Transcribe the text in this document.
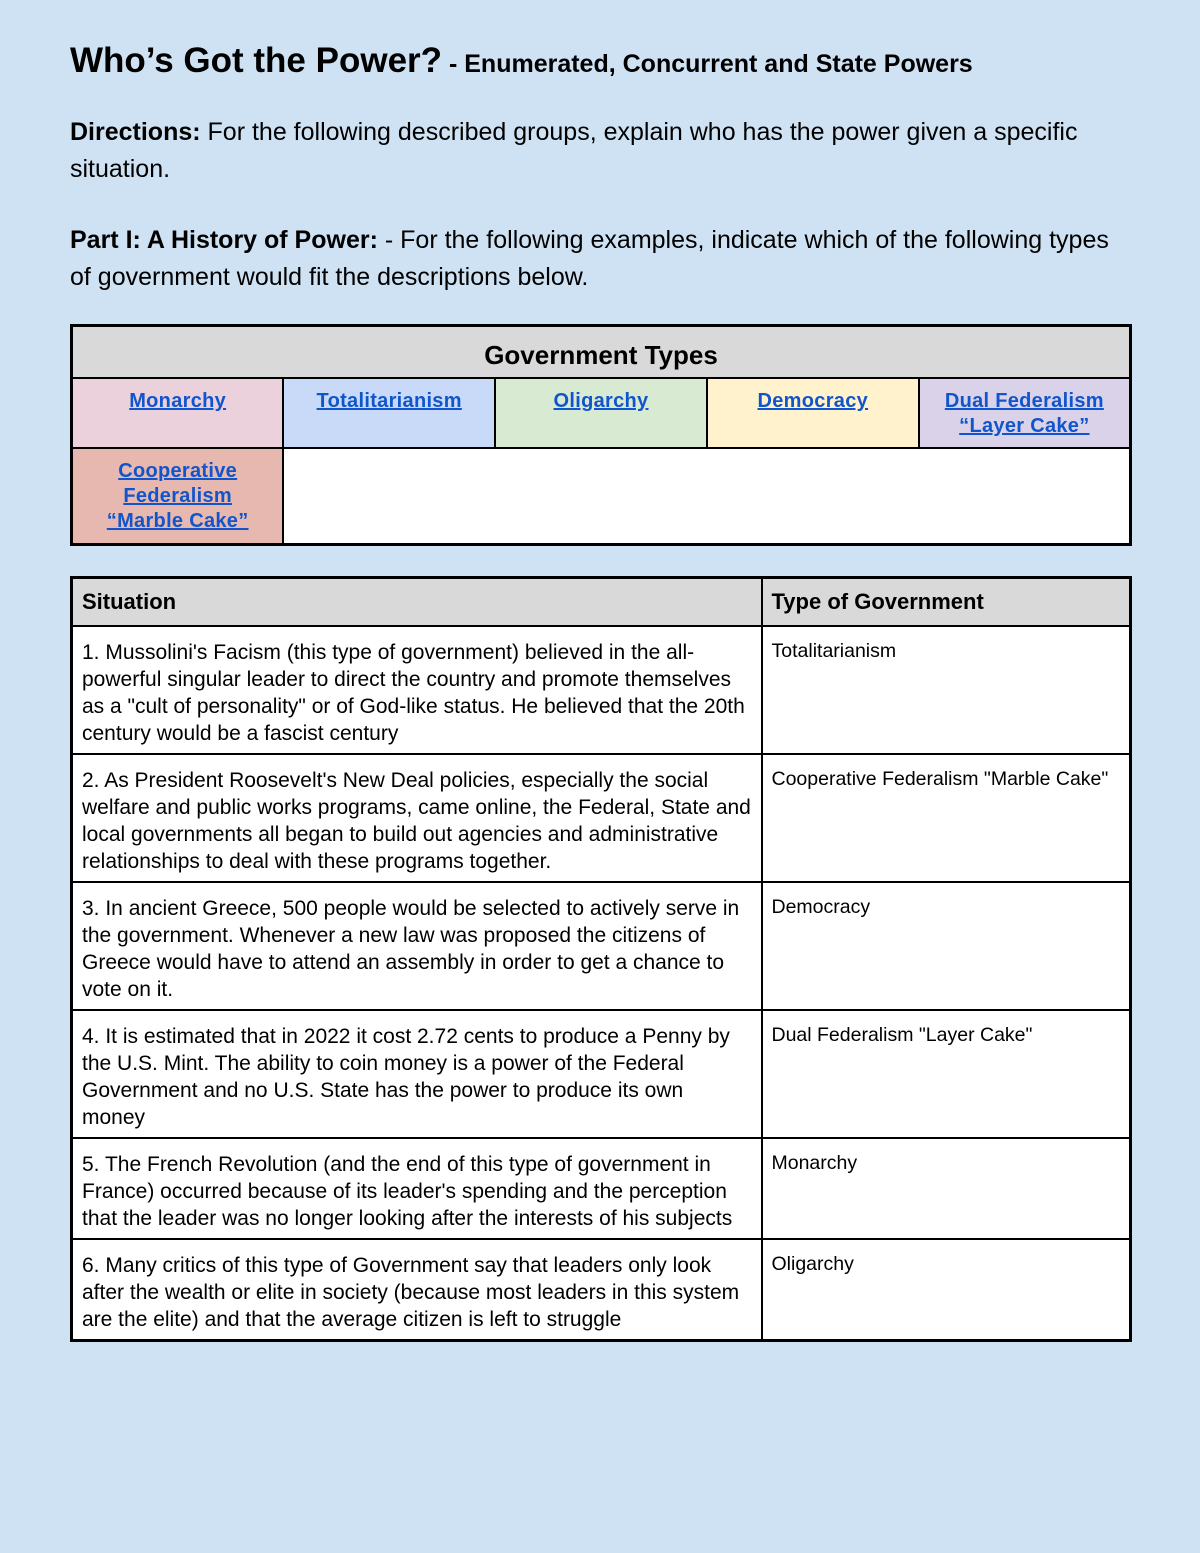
Who’s Got the Power? - Enumerated, Concurrent and State Powers

Directions: For the following described groups, explain who has the power given a specific situation.
Part I: A History of Power: - For the following examples, indicate which of the following types of government would fit the descriptions below.
Government Types				
Monarchy	Totalitarianism	Oligarchy	Democracy	Dual Federalism
“Layer Cake”
Cooperative
Federalism
“Marble Cake”				
Situation	Type of Government
1. Mussolini's Facism (this type of government) believed in the all-powerful singular leader to direct the country and promote themselves as a "cult of personality" or of God-like status. He believed that the 20th century would be a fascist century	Totalitarianism
2. As President Roosevelt's New Deal policies, especially the social welfare and public works programs, came online, the Federal, State and local governments all began to build out agencies and administrative relationships to deal with these programs together.	Cooperative Federalism "Marble Cake"
3. In ancient Greece, 500 people would be selected to actively serve in the government. Whenever a new law was proposed the citizens of Greece would have to attend an assembly in order to get a chance to vote on it.	Democracy
4. It is estimated that in 2022 it cost 2.72 cents to produce a Penny by the U.S. Mint. The ability to coin money is a power of the Federal Government and no U.S. State has the power to produce its own money	Dual Federalism "Layer Cake"
5. The French Revolution (and the end of this type of government in France) occurred because of its leader's spending and the perception that the leader was no longer looking after the interests of his subjects	Monarchy
6. Many critics of this type of Government say that leaders only look after the wealth or elite in society (because most leaders in this system are the elite) and that the average citizen is left to struggle	Oligarchy
